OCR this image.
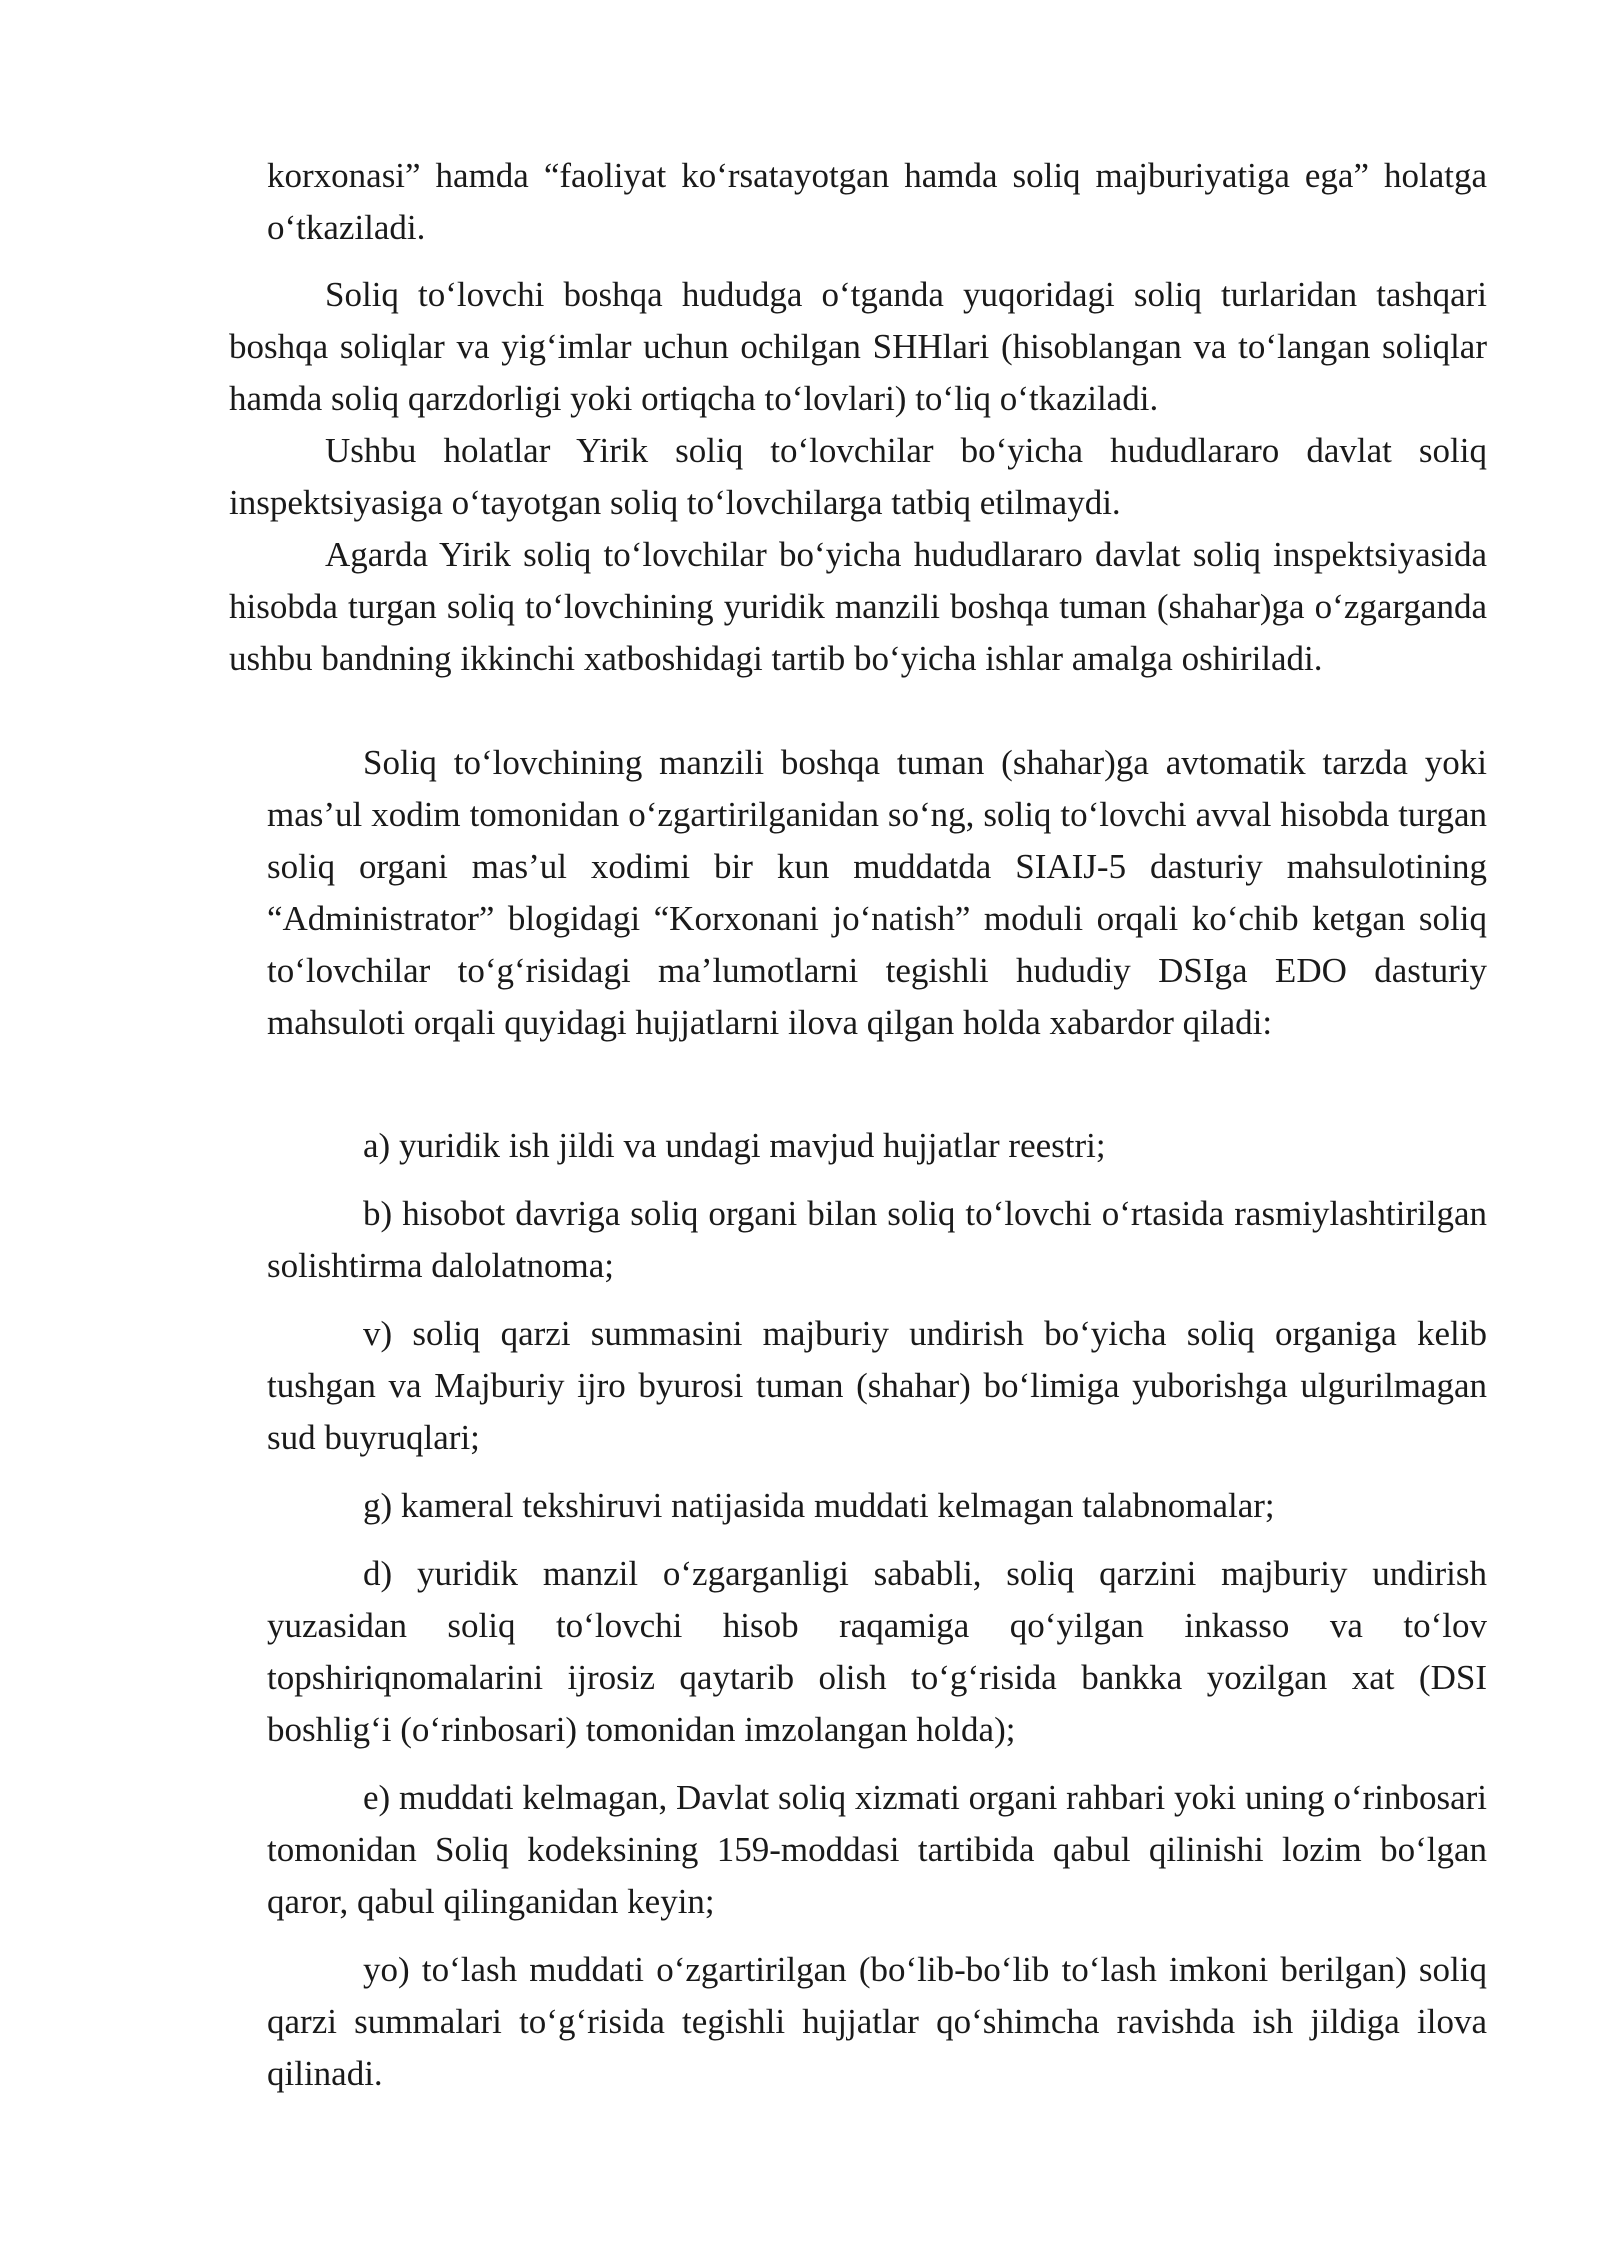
korxonasi” hamda “faoliyat ko‘rsatayotgan hamda soliq majburiyatiga ega” holatga o‘tkaziladi.

Soliq to‘lovchi boshqa hududga o‘tganda yuqoridagi soliq turlaridan tashqari boshqa soliqlar va yig‘imlar uchun ochilgan SHHlari (hisoblangan va to‘langan soliqlar hamda soliq qarzdorligi yoki ortiqcha to‘lovlari) to‘liq o‘tkaziladi.

Ushbu holatlar Yirik soliq to‘lovchilar bo‘yicha hududlararo davlat soliq inspektsiyasiga o‘tayotgan soliq to‘lovchilarga tatbiq etilmaydi.

Agarda Yirik soliq to‘lovchilar bo‘yicha hududlararo davlat soliq inspektsiyasida hisobda turgan soliq to‘lovchining yuridik manzili boshqa tuman (shahar)ga o‘zgarganda ushbu bandning ikkinchi xatboshidagi tartib bo‘yicha ishlar amalga oshiriladi.

Soliq to‘lovchining manzili boshqa tuman (shahar)ga avtomatik tarzda yoki mas’ul xodim tomonidan o‘zgartirilganidan so‘ng, soliq to‘lovchi avval hisobda turgan soliq organi mas’ul xodimi bir kun muddatda SIAIJ-5 dasturiy mahsulotining “Administrator” blogidagi “Korxonani jo‘natish” moduli orqali ko‘chib ketgan soliq to‘lovchilar to‘g‘risidagi ma’lumotlarni tegishli hududiy DSIga EDO dasturiy mahsuloti orqali quyidagi hujjatlarni ilova qilgan holda xabardor qiladi:

a) yuridik ish jildi va undagi mavjud hujjatlar reestri;

b) hisobot davriga soliq organi bilan soliq to‘lovchi o‘rtasida rasmiylashtirilgan solishtirma dalolatnoma;

v) soliq qarzi summasini majburiy undirish bo‘yicha soliq organiga kelib tushgan va Majburiy ijro byurosi tuman (shahar) bo‘limiga yuborishga ulgurilmagan sud buyruqlari;

g) kameral tekshiruvi natijasida muddati kelmagan talabnomalar;

d) yuridik manzil o‘zgarganligi sababli, soliq qarzini majburiy undirish yuzasidan soliq to‘lovchi hisob raqamiga qo‘yilgan inkasso va to‘lov topshiriqnomalarini ijrosiz qaytarib olish to‘g‘risida bankka yozilgan xat (DSI boshlig‘i (o‘rinbosari) tomonidan imzolangan holda);

e) muddati kelmagan, Davlat soliq xizmati organi rahbari yoki uning o‘rinbosari tomonidan Soliq kodeksining 159-moddasi tartibida qabul qilinishi lozim bo‘lgan qaror, qabul qilinganidan keyin;

yo) to‘lash muddati o‘zgartirilgan (bo‘lib-bo‘lib to‘lash imkoni berilgan) soliq qarzi summalari to‘g‘risida tegishli hujjatlar qo‘shimcha ravishda ish jildiga ilova qilinadi.
